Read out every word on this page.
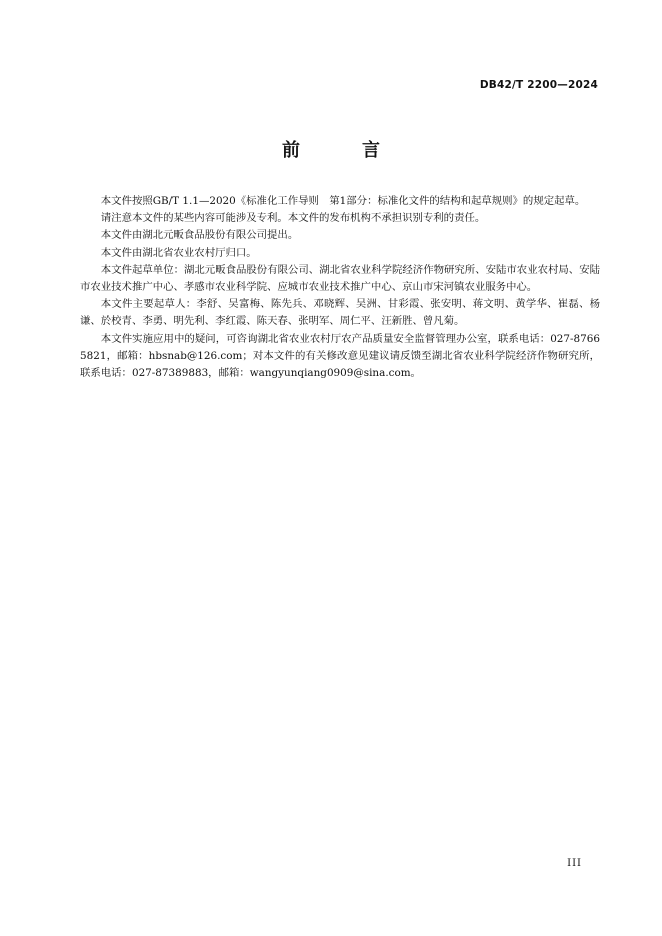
DB42/T 2200—2024
前　言

本文件按照GB/T 1.1—2020《标准化工作导则　第1部分：标准化文件的结构和起草规则》的规定起草。

请注意本文件的某些内容可能涉及专利。本文件的发布机构不承担识别专利的责任。

本文件由湖北元畈食品股份有限公司提出。

本文件由湖北省农业农村厅归口。

本文件起草单位：湖北元畈食品股份有限公司、湖北省农业科学院经济作物研究所、安陆市农业农村局、安陆市农业技术推广中心、孝感市农业科学院、应城市农业技术推广中心、京山市宋河镇农业服务中心。

本文件主要起草人：李舒、吴富梅、陈先兵、邓晓辉、吴洲、甘彩霞、张安明、蒋文明、黄学华、崔磊、杨谦、於校青、李勇、明先利、李红霞、陈天春、张明军、周仁平、汪新胜、曾凡菊。

本文件实施应用中的疑问，可咨询湖北省农业农村厅农产品质量安全监督管理办公室，联系电话：027-87665821，邮箱：hbsnab@126.com；对本文件的有关修改意见建议请反馈至湖北省农业科学院经济作物研究所，联系电话：027-87389883，邮箱：wangyunqiang0909@sina.com。

III
